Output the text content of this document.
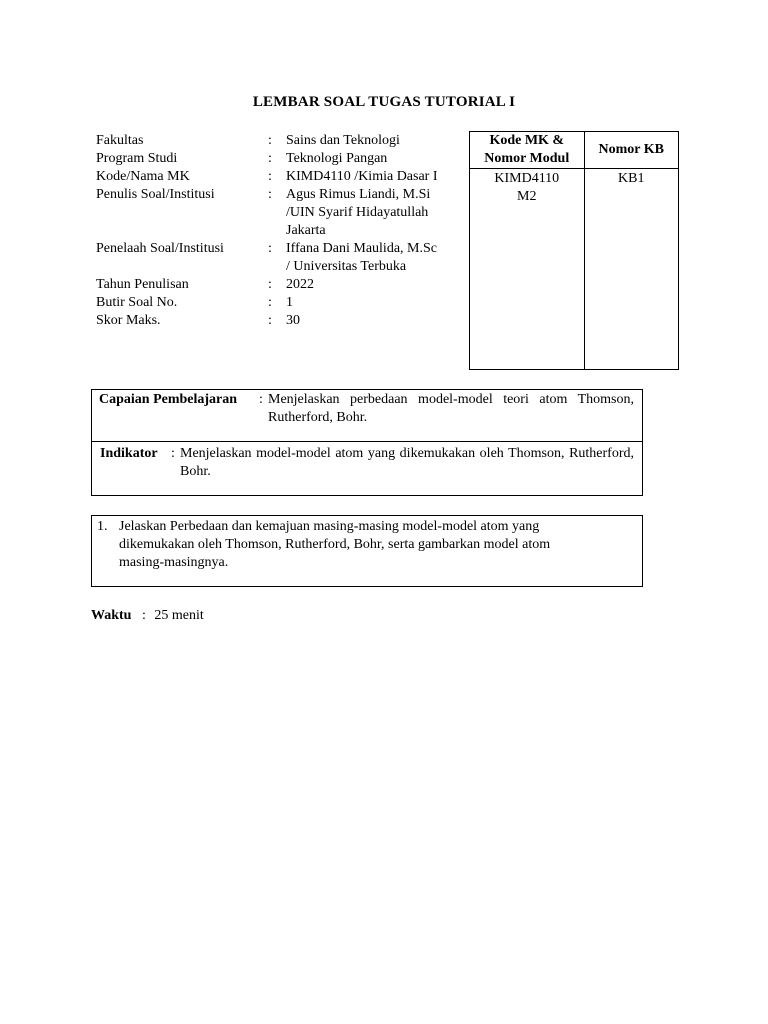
LEMBAR SOAL TUGAS TUTORIAL I
Fakultas	:	Sains dan Teknologi
Program Studi	:	Teknologi Pangan
Kode/Nama MK	:	KIMD4110 /Kimia Dasar I
Penulis Soal/Institusi	:	Agus Rimus Liandi, M.Si /UIN Syarif Hidayatullah Jakarta
Penelaah Soal/Institusi	:	Iffana Dani Maulida, M.Sc / Universitas Terbuka
Tahun Penulisan	:	2022
Butir Soal No.	:	1
Skor Maks.	:	30
Kode MK & Nomor Modul	Nomor KB

KIMD4110 M2	KB1
Capaian Pembelajaran : Menjelaskan perbedaan model-model teori atom Thomson, Rutherford, Bohr.
Indikator : Menjelaskan model-model atom yang dikemukakan oleh Thomson, Rutherford, Bohr.
1. Jelaskan Perbedaan dan kemajuan masing-masing model-model atom yang dikemukakan oleh Thomson, Rutherford, Bohr, serta gambarkan model atom masing-masingnya.
Waktu : 25 menit
